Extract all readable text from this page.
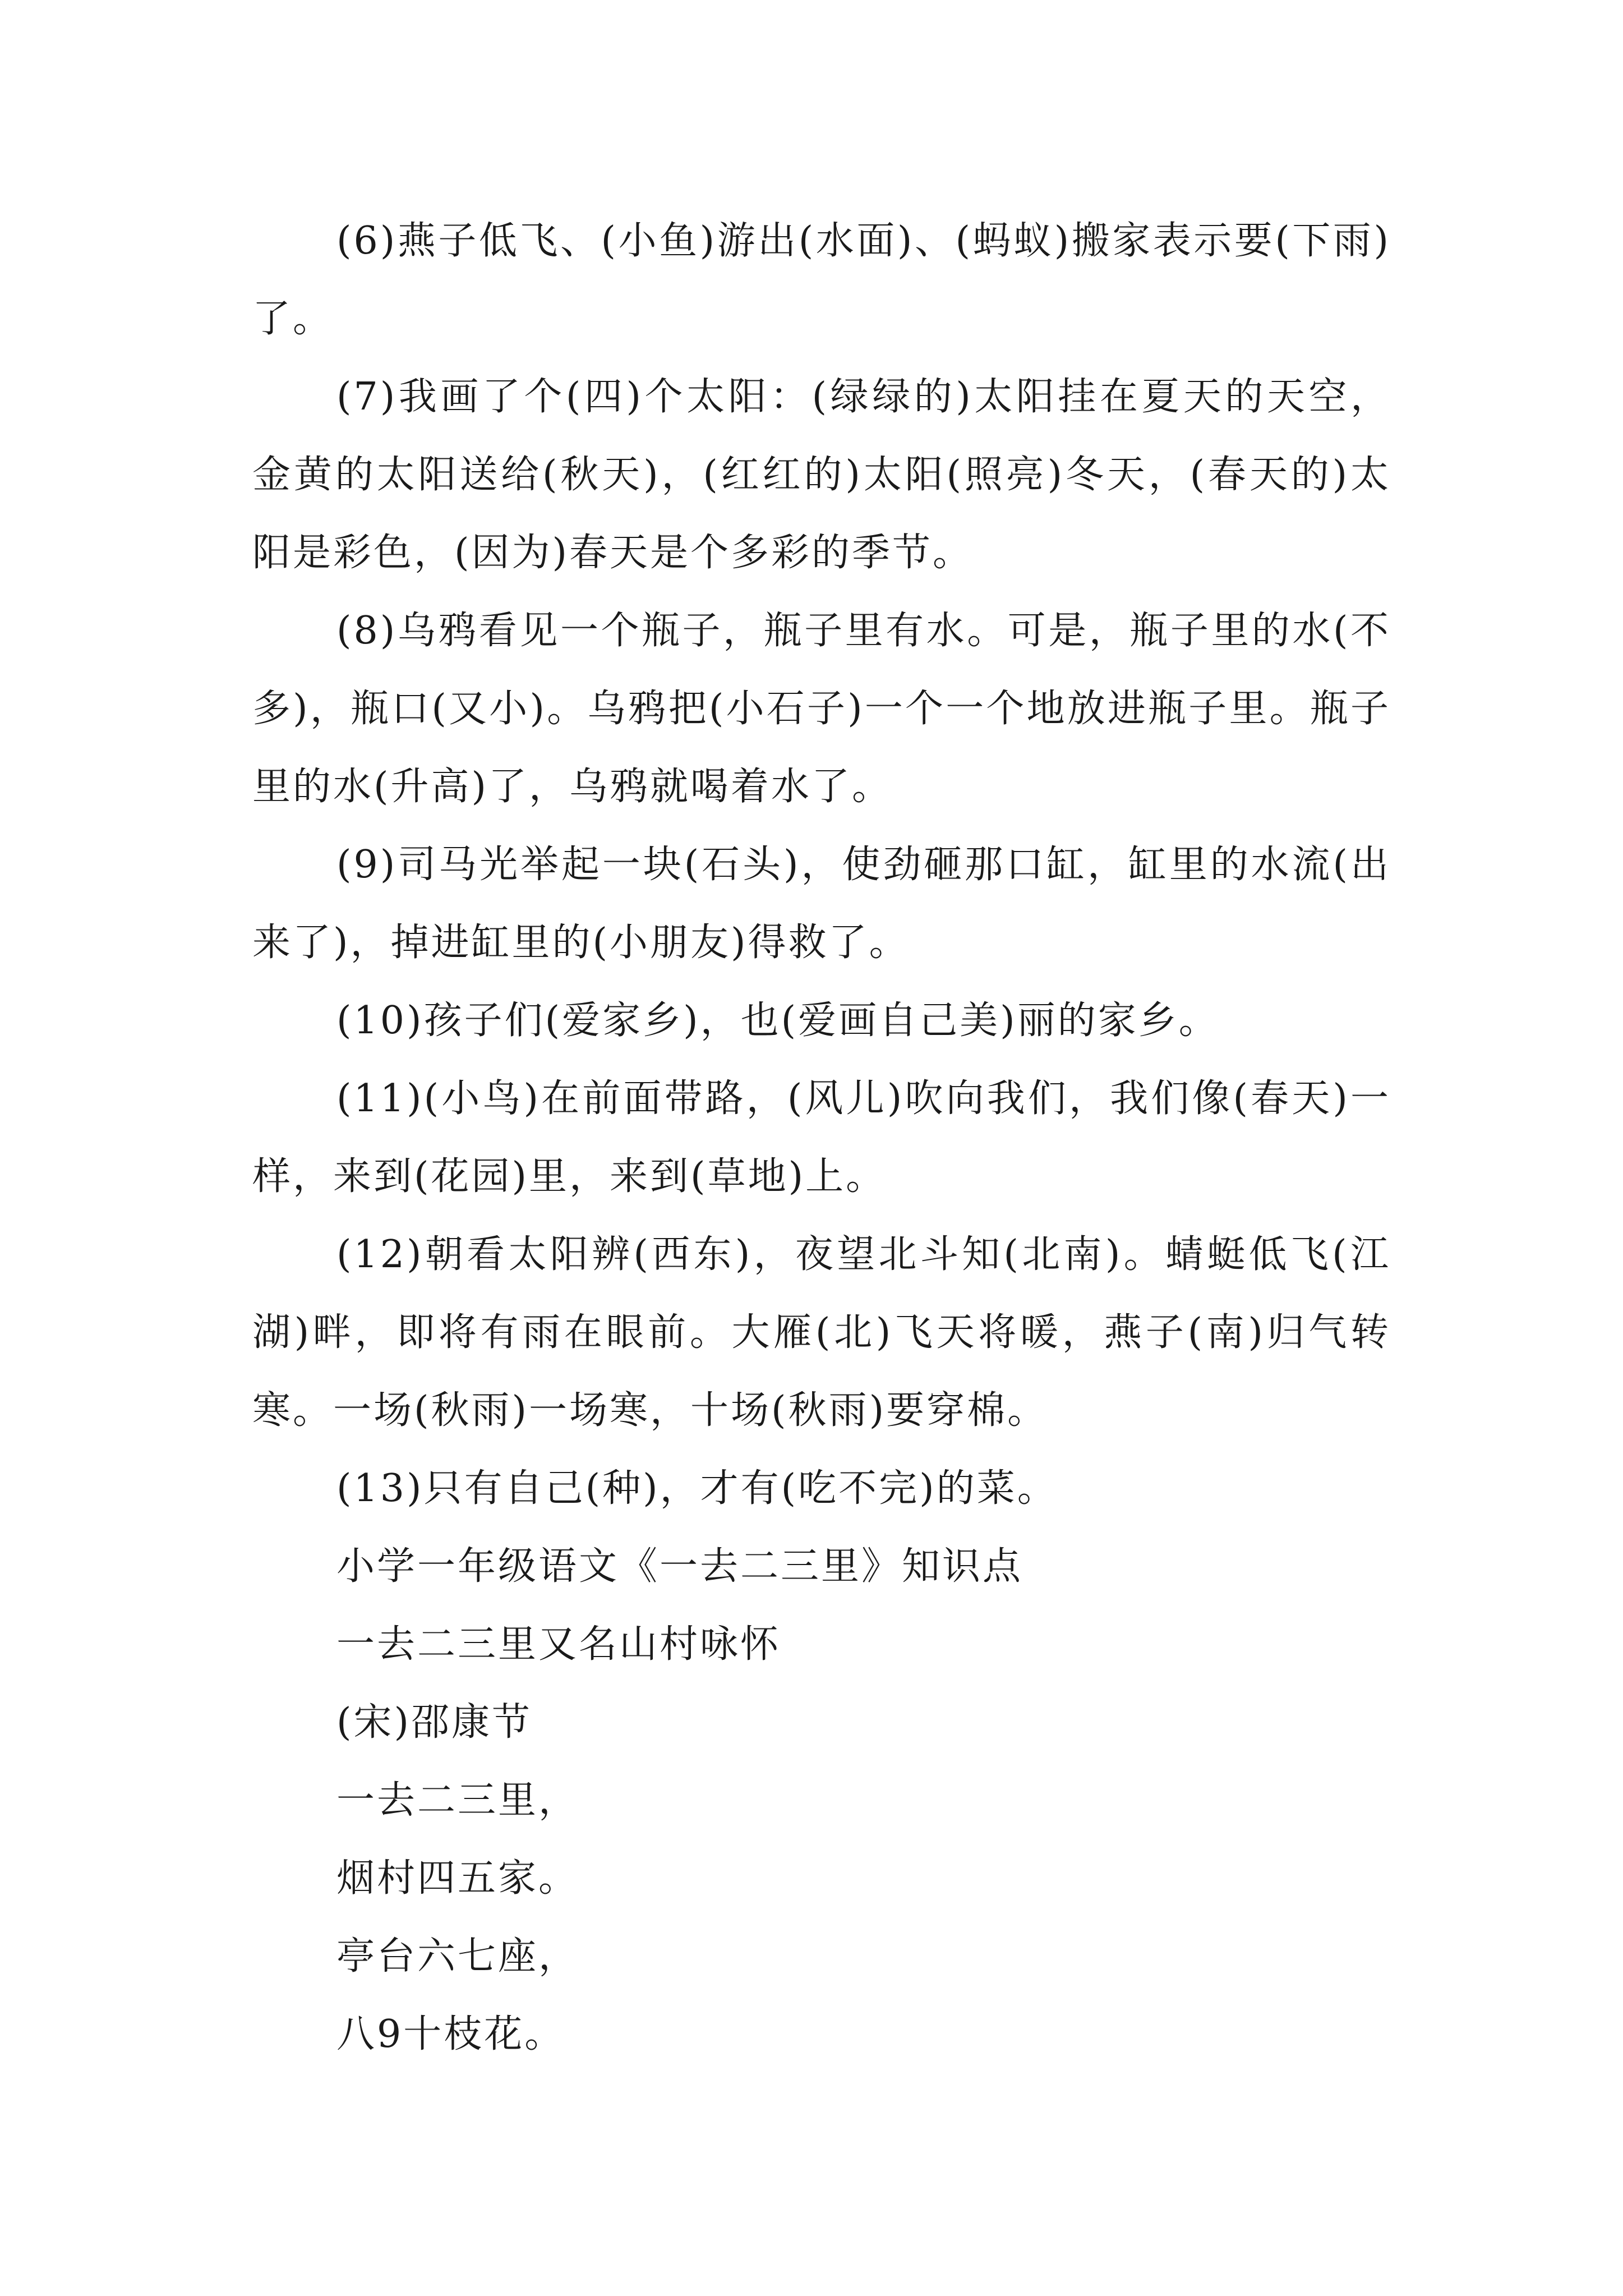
(6)燕子低飞、(小鱼)游出(水面)、(蚂蚁)搬家表示要(下雨)了。

(7)我画了个(四)个太阳：(绿绿的)太阳挂在夏天的天空，金黄的太阳送给(秋天)，(红红的)太阳(照亮)冬天，(春天的)太阳是彩色，(因为)春天是个多彩的季节。

(8)乌鸦看见一个瓶子，瓶子里有水。可是，瓶子里的水(不多)，瓶口(又小)。乌鸦把(小石子)一个一个地放进瓶子里。瓶子里的水(升高)了，乌鸦就喝着水了。

(9)司马光举起一块(石头)，使劲砸那口缸，缸里的水流(出来了)，掉进缸里的(小朋友)得救了。

(10)孩子们(爱家乡)，也(爱画自己美)丽的家乡。

(11)(小鸟)在前面带路，(风儿)吹向我们，我们像(春天)一样，来到(花园)里，来到(草地)上。

(12)朝看太阳辨(西东)，夜望北斗知(北南)。蜻蜓低飞(江湖)畔，即将有雨在眼前。大雁(北)飞天将暖，燕子(南)归气转寒。一场(秋雨)一场寒，十场(秋雨)要穿棉。

(13)只有自己(种)，才有(吃不完)的菜。

小学一年级语文《一去二三里》知识点

一去二三里又名山村咏怀

(宋)邵康节

一去二三里，

烟村四五家。

亭台六七座，

八9十枝花。
